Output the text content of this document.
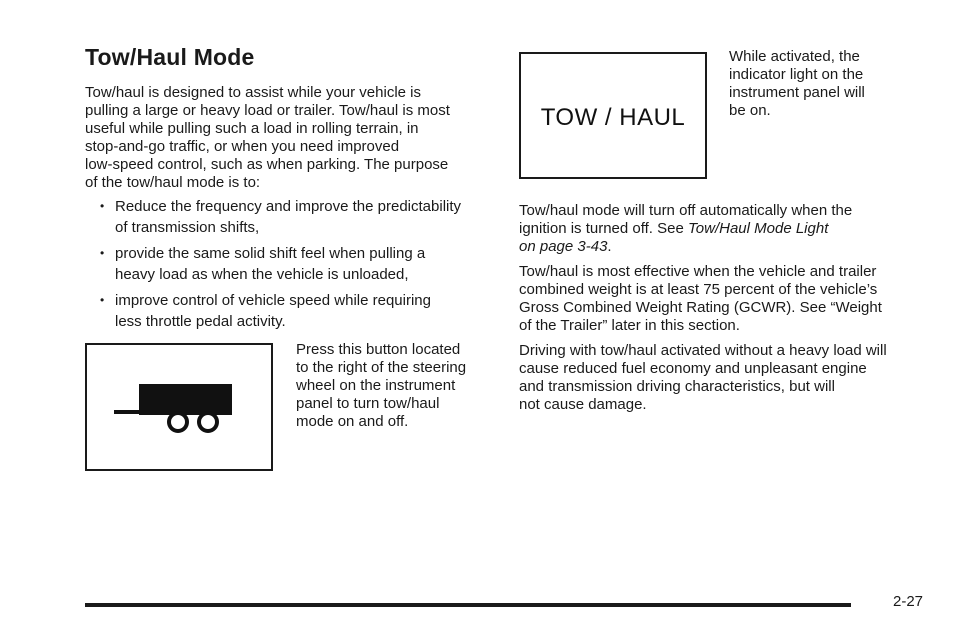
Tow/Haul Mode
Tow/haul is designed to assist while your vehicle is
pulling a large or heavy load or trailer. Tow/haul is most
useful while pulling such a load in rolling terrain, in
stop-and-go traffic, or when you need improved
low-speed control, such as when parking. The purpose
of the tow/haul mode is to:
• Reduce the frequency and improve the predictability
of transmission shifts,
• provide the same solid shift feel when pulling a
heavy load as when the vehicle is unloaded,
• improve control of vehicle speed while requiring
less throttle pedal activity.
Press this button located
to the right of the steering
wheel on the instrument
panel to turn tow/haul
mode on and off.
TOW / HAUL
While activated, the
indicator light on the
instrument panel will
be on.
Tow/haul mode will turn off automatically when the
ignition is turned off. See Tow/Haul Mode Light
on page 3-43.
Tow/haul is most effective when the vehicle and trailer
combined weight is at least 75 percent of the vehicle’s
Gross Combined Weight Rating (GCWR). See “Weight
of the Trailer” later in this section.
Driving with tow/haul activated without a heavy load will
cause reduced fuel economy and unpleasant engine
and transmission driving characteristics, but will
not cause damage.
2-27
